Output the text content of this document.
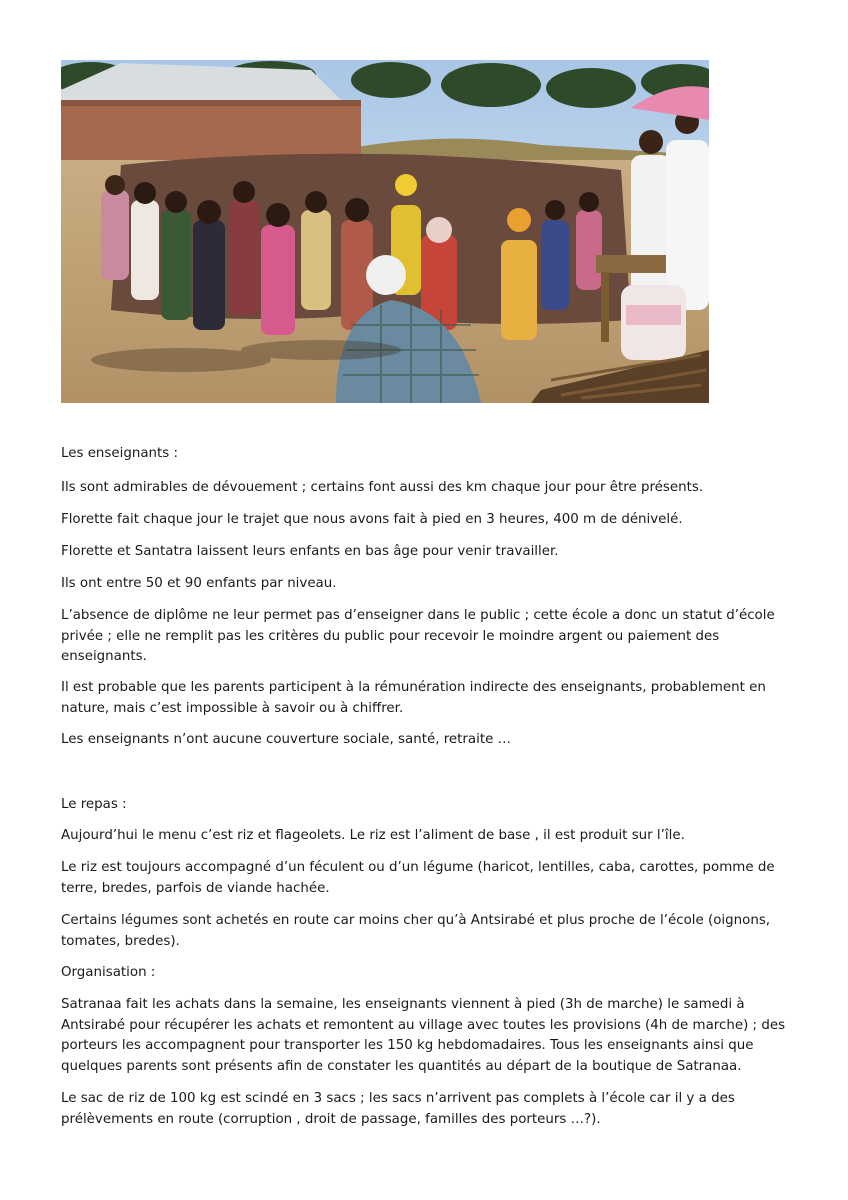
Les enseignants :

Ils sont admirables de dévouement ; certains font aussi des km chaque jour pour être présents.

Florette fait chaque jour le trajet que nous avons fait à pied en 3 heures, 400 m de dénivelé.

Florette et Santatra laissent leurs enfants en bas âge pour venir travailler.

Ils ont entre 50 et 90 enfants par niveau.

L’absence de diplôme ne leur permet pas d’enseigner dans le public ; cette école a donc un statut d’école privée ; elle ne remplit pas les critères du public pour recevoir le moindre argent ou paiement des enseignants.

Il est probable que les parents participent à la rémunération indirecte des enseignants, probablement en nature, mais c’est impossible à savoir ou à chiffrer.

Les enseignants n’ont aucune couverture sociale, santé, retraite …

Le repas :

Aujourd’hui le menu c’est riz et flageolets. Le riz est l’aliment de base , il est produit sur l’île.

Le riz est toujours accompagné d’un féculent ou d’un légume (haricot, lentilles, caba, carottes, pomme de terre, bredes, parfois de viande hachée.

Certains légumes sont achetés en route car moins cher qu’à Antsirabé et plus proche de l’école (oignons, tomates, bredes).

Organisation :

Satranaa fait les achats dans la semaine, les enseignants viennent à pied (3h de marche) le samedi à Antsirabé pour récupérer les achats et remontent au village avec toutes les provisions (4h de marche) ; des porteurs les accompagnent pour transporter les 150 kg hebdomadaires. Tous les enseignants ainsi que quelques parents sont présents afin de constater les quantités au départ de la boutique de Satranaa.

Le sac de riz de 100 kg est scindé en 3 sacs ; les sacs n’arrivent pas complets à l’école car il y a des prélèvements en route (corruption , droit de passage, familles des porteurs …?).
